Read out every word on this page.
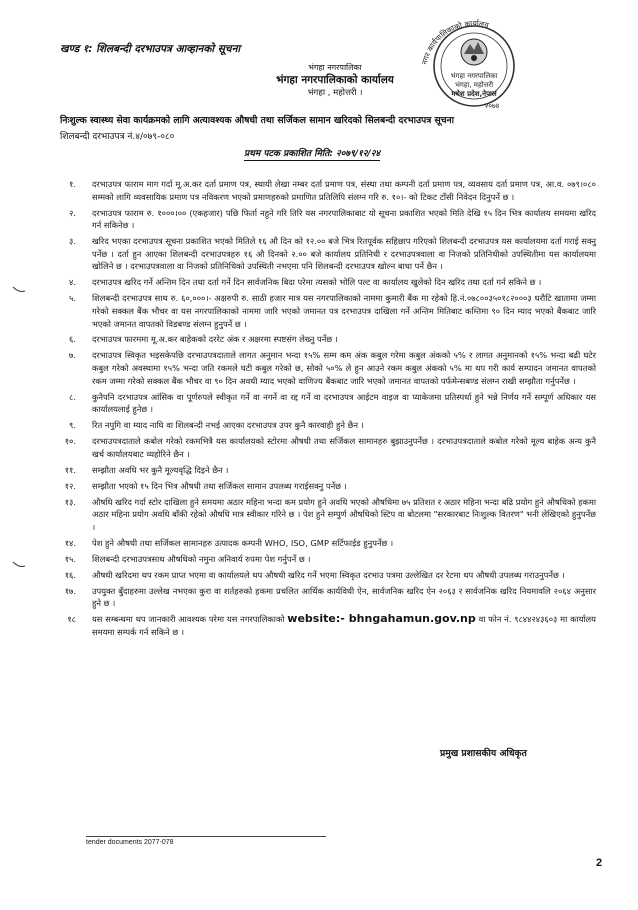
खण्ड १: शिलबन्दी दरभाउपत्र आव्हानको सूचना
भंगहा नगरपालिका
भंगहा नगरपालिकाको कार्यालय
भंगहा , महोत्तरी ।
नगर कार्यपालिकाको कार्यालय
भंगहा नगरपालिका
भंगहा, महोत्तरी
मधेश प्रदेश,नेपाल
२०७४
निःशुल्क स्वास्थ्य सेवा कार्यक्रमको लागि अत्यावश्यक औषधी तथा सर्जिकल सामान खरिदको सिलबन्दी दरभाउपत्र सूचना
शिलबन्दी दरभाउपत्र नं.४/०७९-०८०
प्रथम पटक प्रकाशित मिति: २०७९/१२/२४
१. दरभाउपत्र फाराम माग गर्दा मू.अ.कर दर्ता प्रमाण पत्र, स्थायी लेखा नम्बर दर्ता प्रमाण पत्र, संस्था तथा कम्पनी दर्ता प्रमाण पत्र, व्यवसाय दर्ता प्रमाण पत्र, आ.व. ०७९।०८० सम्मको लागि व्यवसायिक प्रमाण पत्र नविकरण भएको प्रमाणहरुको प्रमाणित प्रतिलिपि संलग्न गरि रु. १०।- को टिकट टाँसी निवेदन दिनुपर्ने छ ।
२. दरभाउपत्र फाराम रु. १०००।०० (एकहजार) पछि फिर्ता नहुने गरि तिरि यस नगरपालिकाबाट यो सूचना प्रकाशित भएको मिति देखि १५ दिन भित्र कार्यालय समयमा खरिद गर्न सकिनेछ ।
३. खरिद भएका दरभाउपत्र सूचना प्रकाशित भएको मितिले १६ औ दिन को १२.०० बजे भित्र रितपूर्वक सहिछाप गरिएको शिलबन्दी दरभाउपत्र यस कार्यालयमा दर्ता गराई सक्नु पर्नेछ । दर्ता हुन आएका शिलबन्दी दरभाउपत्रहरु १६ औ दिनको २.०० बजे कार्यालय प्रतिनिधी र दरभाउपत्रवाला वा निजको प्रतिनिधीको उपस्थितीमा यस कार्यालयमा खोलिने छ । दरभाउपत्रवाला वा निजको प्रतिनिधिको उपस्थिती नभएमा पनि शिलबन्दी दरभाउपत्र खोल्न बाधा पर्ने छैन ।
४. दरभाउपत्र खरिद गर्ने अन्तिम दिन तथा दर्ता गर्ने दिन सार्वजनिक बिदा परेमा त्यसको भोलि पल्ट वा कार्यालय खुलेको दिन खरिद तथा दर्ता गर्न सकिने छ ।
५. शिलबन्दी दरभाउपत्र साथ रु. ६०,०००।- अक्षरुपी रु. साठी हजार मात्र यस नगरपालिकाको नाममा कुमारी बैंक मा रहेको हि.नं.०७८००३५०१८२०००३ धरौटि खातामा जम्मा गरेको सक्कल बैंक भौचर वा यस नगरपालिकाको नाममा जारि भएको जमानत पत्र दरभाउपत्र दाखिला गर्ने अन्तिम मितिबाट कम्तिमा ९० दिन म्याद भएको बैंकबाट जारि भएको जमानत वापतको विडबण्ड संलग्न हुनुपर्ने छ ।
६. दरभाउपत्र फारममा मू.अ.कर बाहेकको दररेट अंक र अक्षरमा स्पष्टसंग लेख्नु पर्नेछ ।
७. दरभाउपत्र स्विकृत भइसकेपछि दरभाउपत्रदाताले लागत अनुमान भन्दा १५% सम्म कम अंक कबुल गरेमा कबुल अंकको ५% र लागत अनुमानको १५% भन्दा बढी घटेर कबुल गरेको अवस्थामा १५% भन्दा जति रकमले घटी कबुल गरेको छ, सोको ५०% ले हुन आउने रकम कबुल अंकको ५% मा थप गरी कार्य सम्पादन जमानत वापतको रकम जम्मा गरेको सक्कल बैंक भौचर वा ९० दिन अवधी म्याद भएको वाणिज्य बैंकबाट जारि भएको जमानत वापतको पर्फमेन्सबण्ड संलग्न राखी सम्झौता गर्नुपर्नेछ ।
८. कुनैपनि दरभाउपत्र आंसिक वा पूर्णरुपले स्वीकृत गर्ने वा नगर्ने वा रद्द गर्ने वा दरभाउपत्र आईटम वाइज वा प्याकेजमा प्रतिस्पर्धा हुने भन्ने निर्णय गर्ने सम्पूर्ण अधिकार यस कार्यालयलाई हुनेछ ।
९. रित नपुगि वा म्याद नाघि वा शिलबन्दी नभई आएका दरभाउपत्र उपर कुनै कारवाही हुने छैन ।
१०. दरभाउपत्रदाताले कबोल गरेको रकमभित्रै यस कार्यालयको स्टोरमा औषधी तथा सर्जिकल सामानहरु बुझाउनुपर्नेछ । दरभाउपत्रदाताले कबोल गरेको मूल्य बाहेक अन्य कुनै खर्च कार्यालयबाट व्यहोरिने छैन ।
११. सम्झौता अवधि भर कुनै मूल्यवृद्धि दिइने छैन ।
१२. सम्झौता भएको १५ दिन भित्र औषधी तथा सर्जिकल सामान उपलब्ध गराईसक्नु पर्नेछ ।
१३. औषधि खरिद गर्दा स्टोर दाखिला हुने समयमा अठार महिना भन्दा कम प्रयोग हुने अवधि भएको औषधिमा ७५ प्रतिशत र अठार महिना भन्दा बढि प्रयोग हुने औषधिको हकमा अठार महिना प्रयोग अवधि बाँकी रहेको औषधि मात्र स्वीकार गरिने छ । पेश हुने सम्पुर्ण औषधिको स्टिप वा बोटलमा "सरकारबाट निःशुल्क वितरण" भनी लेखिएको हुनुपर्नेछ ।
१४. पेश हुने औषधी तथा सर्जिकल सामानहरु उत्पादक कम्पनी WHO, ISO, GMP सर्टिफाईड हुनुपर्नेछ ।
१५. शिलबन्दी दरभाउपत्रसाथ औषधिको नमुना अनिवार्य रुपमा पेश गर्नुपर्ने छ ।
१६. औषधी खरिदमा थप रकम प्राप्त भएमा वा कार्यालयले थप औषधी खरिद गर्ने भएमा स्विकृत दरभाउ पत्रमा उल्लेखित दर रेटमा थप औषधी उपलब्ध गराउनुपर्नेछ ।
१७. उपयुक्त बुँदाहरुमा उल्लेख नभएका कुरा वा शर्तहरुको हकमा प्रचलित आर्थिक कार्यविधी ऐन, सार्वजनिक खरिद ऐन २०६३ र सार्वजनिक खरिद नियमावलि २०६४ अनुसार हुने छ ।
१८ यस सम्बन्धमा थप जानकारी आवश्यक परेमा यस नगरपालिकाको website:- bhngahamun.gov.np वा फोन नं. ९८४४२४३६०३ मा कार्यालय समयमा सम्पर्क गर्न सकिने छ ।
प्रमुख प्रशासकीय अधिकृत
tender documents 2077-078
2
